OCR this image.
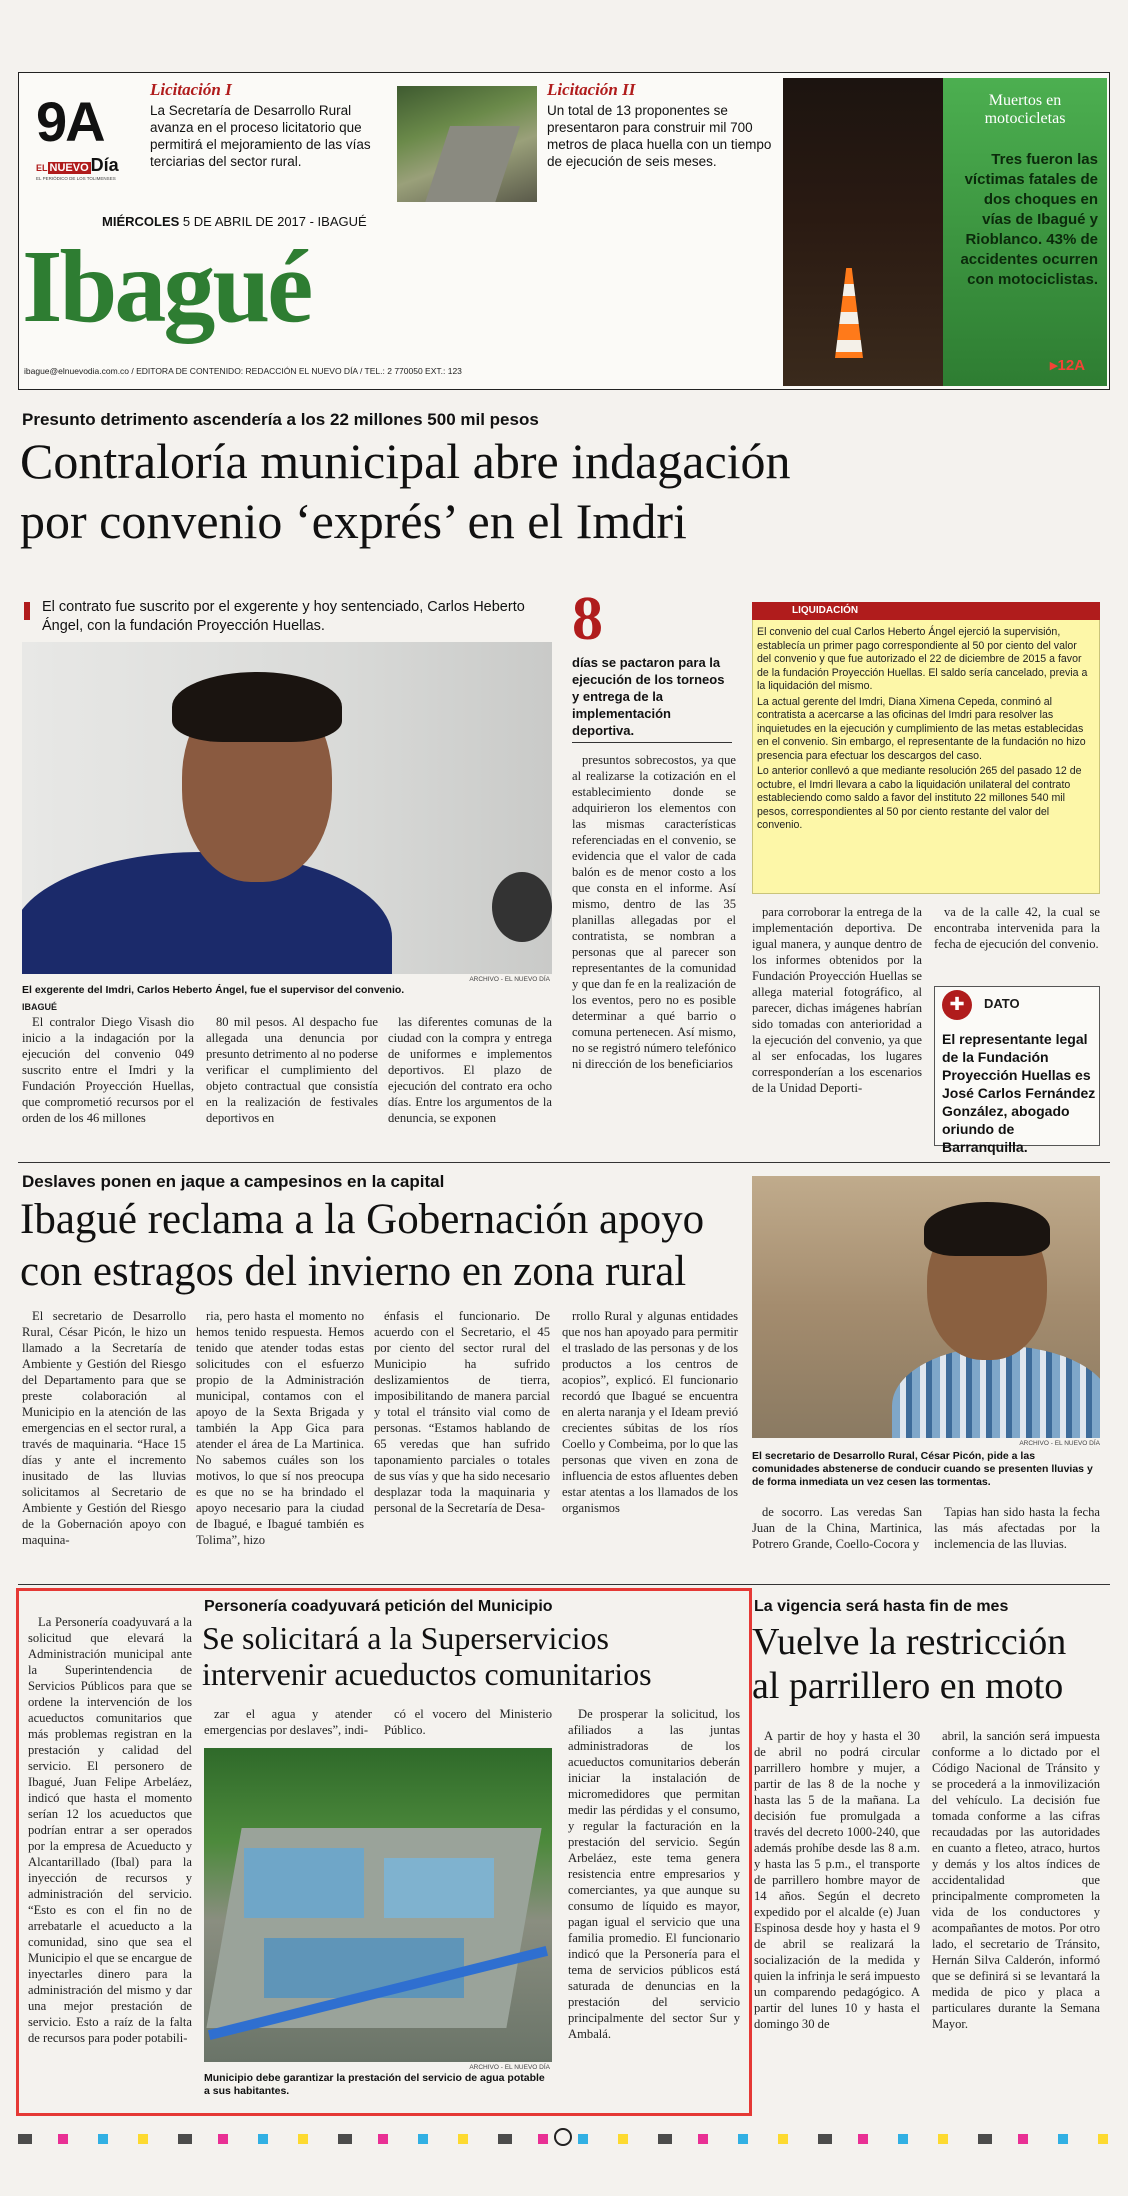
9A
EL NUEVO Día
EL PERIÓDICO DE LOS TOLIMENSES
Licitación I
La Secretaría de Desarrollo Rural avanza en el proceso licitatorio que permitirá el mejoramiento de las vías terciarias del sector rural.
Licitación II
Un total de 13 proponentes se presentaron para construir mil 700 metros de placa huella con un tiempo de ejecución de seis meses.
Muertos en motocicletas
Tres fueron las víctimas fatales de dos choques en vías de Ibagué y Rioblanco. 43% de accidentes ocurren con motociclistas.
▸12A
MIÉRCOLES 5 DE ABRIL DE 2017 - IBAGUÉ
Ibagué
ibague@elnuevodia.com.co / EDITORA DE CONTENIDO: REDACCIÓN EL NUEVO DÍA / TEL.: 2 770050 EXT.: 123
Presunto detrimento ascendería a los 22 millones 500 mil pesos
Contraloría municipal abre indagación
por convenio ‘exprés’ en el Imdri
El contrato fue suscrito por el exgerente y hoy sentenciado, Carlos Heberto Ángel, con la fundación Proyección Huellas.
ARCHIVO - EL NUEVO DÍA
El exgerente del Imdri, Carlos Heberto Ángel, fue el supervisor del convenio.
IBAGUÉ

El contralor Diego Visash dio inicio a la indagación por la ejecución del convenio 049 suscrito entre el Imdri y la Fundación Proyección Huellas, que comprometió recursos por el orden de los 46 millones

80 mil pesos. Al despacho fue allegada una denuncia por presunto detrimento al no poderse verificar el cumplimiento del objeto contractual que consistía en la realización de festivales deportivos en

las diferentes comunas de la ciudad con la compra y entrega de uniformes e implementos deportivos. El plazo de ejecución del contrato era ocho días. Entre los argumentos de la denuncia, se exponen

8
días se pactaron para la ejecución de los torneos y entrega de la implementación deportiva.

presuntos sobrecostos, ya que al realizarse la cotización en el establecimiento donde se adquirieron los elementos con las mismas características referenciadas en el convenio, se evidencia que el valor de cada balón es de menor costo a los que consta en el informe. Así mismo, dentro de las 35 planillas allegadas por el contratista, se nombran a personas que al parecer son representantes de la comunidad y que dan fe en la realización de los eventos, pero no es posible determinar a qué barrio o comuna pertenecen. Así mismo, no se registró número telefónico ni dirección de los beneficiarios

LIQUIDACIÓN

El convenio del cual Carlos Heberto Ángel ejerció la supervisión, establecía un primer pago correspondiente al 50 por ciento del valor del convenio y que fue autorizado el 22 de diciembre de 2015 a favor de la fundación Proyección Huellas. El saldo sería cancelado, previa a la liquidación del mismo.

La actual gerente del Imdri, Diana Ximena Cepeda, conminó al contratista a acercarse a las oficinas del Imdri para resolver las inquietudes en la ejecución y cumplimiento de las metas establecidas en el convenio. Sin embargo, el representante de la fundación no hizo presencia para efectuar los descargos del caso.

Lo anterior conllevó a que mediante resolución 265 del pasado 12 de octubre, el Imdri llevara a cabo la liquidación unilateral del contrato estableciendo como saldo a favor del instituto 22 millones 540 mil pesos, correspondientes al 50 por ciento restante del valor del convenio.

para corroborar la entrega de la implementación deportiva. De igual manera, y aunque dentro de los informes obtenidos por la Fundación Proyección Huellas se allega material fotográfico, al parecer, dichas imágenes habrían sido tomadas con anterioridad a la ejecución del convenio, ya que al ser enfocadas, los lugares corresponderían a los escenarios de la Unidad Deporti-

va de la calle 42, la cual se encontraba intervenida para la fecha de ejecución del convenio.

✚	DATO
El representante legal de la Fundación Proyección Huellas es José Carlos Fernández González, abogado oriundo de Barranquilla.
Deslaves ponen en jaque a campesinos en la capital
Ibagué reclama a la Gobernación apoyo
con estragos del invierno en zona rural

El secretario de Desarrollo Rural, César Picón, le hizo un llamado a la Secretaría de Ambiente y Gestión del Riesgo del Departamento para que se preste colaboración al Municipio en la atención de las emergencias en el sector rural, a través de maquinaria. “Hace 15 días y ante el incremento inusitado de las lluvias solicitamos al Secretario de Ambiente y Gestión del Riesgo de la Gobernación apoyo con maquina-

ria, pero hasta el momento no hemos tenido respuesta. Hemos tenido que atender todas estas solicitudes con el esfuerzo propio de la Administración municipal, contamos con el apoyo de la Sexta Brigada y también la App Gica para atender el área de La Martinica. No sabemos cuáles son los motivos, lo que sí nos preocupa es que no se ha brindado el apoyo necesario para la ciudad de Ibagué, e Ibagué también es Tolima”, hizo

énfasis el funcionario. De acuerdo con el Secretario, el 45 por ciento del sector rural del Municipio ha sufrido deslizamientos de tierra, imposibilitando de manera parcial y total el tránsito vial como de personas. “Estamos hablando de 65 veredas que han sufrido taponamiento parciales o totales de sus vías y que ha sido necesario desplazar toda la maquinaria y personal de la Secretaría de Desa-

rrollo Rural y algunas entidades que nos han apoyado para permitir el traslado de las personas y de los productos a los centros de acopios”, explicó. El funcionario recordó que Ibagué se encuentra en alerta naranja y el Ideam previó crecientes súbitas de los ríos Coello y Combeima, por lo que las personas que viven en zona de influencia de estos afluentes deben estar atentas a los llamados de los organismos

ARCHIVO - EL NUEVO DÍA
El secretario de Desarrollo Rural, César Picón, pide a las comunidades abstenerse de conducir cuando se presenten lluvias y de forma inmediata un vez cesen las tormentas.

de socorro. Las veredas San Juan de la China, Martinica, Potrero Grande, Coello-Cocora y

Tapias han sido hasta la fecha las más afectadas por la inclemencia de las lluvias.

La Personería coadyuvará a la solicitud que elevará la Administración municipal ante la Superintendencia de Servicios Públicos para que se ordene la intervención de los acueductos comunitarios que más problemas registran en la prestación y calidad del servicio. El personero de Ibagué, Juan Felipe Arbeláez, indicó que hasta el momento serían 12 los acueductos que podrían entrar a ser operados por la empresa de Acueducto y Alcantarillado (Ibal) para la inyección de recursos y administración del servicio. “Esto es con el fin no de arrebatarle el acueducto a la comunidad, sino que sea el Municipio el que se encargue de inyectarles dinero para la administración del mismo y dar una mejor prestación de servicio. Esto a raíz de la falta de recursos para poder potabili-

Personería coadyuvará petición del Municipio
Se solicitará a la Superservicios
intervenir acueductos comunitarios

zar el agua y atender emergencias por deslaves”, indi-

có el vocero del Ministerio Público.

ARCHIVO - EL NUEVO DÍA
Municipio debe garantizar la prestación del servicio de agua potable a sus habitantes.

De prosperar la solicitud, los afiliados a las juntas administradoras de los acueductos comunitarios deberán iniciar la instalación de micromedidores que permitan medir las pérdidas y el consumo, y regular la facturación en la prestación del servicio. Según Arbeláez, este tema genera resistencia entre empresarios y comerciantes, ya que aunque su consumo de líquido es mayor, pagan igual el servicio que una familia promedio. El funcionario indicó que la Personería para el tema de servicios públicos está saturada de denuncias en la prestación del servicio principalmente del sector Sur y Ambalá.

La vigencia será hasta fin de mes
Vuelve la restricción
al parrillero en moto

A partir de hoy y hasta el 30 de abril no podrá circular parrillero hombre y mujer, a partir de las 8 de la noche y hasta las 5 de la mañana. La decisión fue promulgada a través del decreto 1000-240, que además prohíbe desde las 8 a.m. y hasta las 5 p.m., el transporte de parrillero hombre mayor de 14 años. Según el decreto expedido por el alcalde (e) Juan Espinosa desde hoy y hasta el 9 de abril se realizará la socialización de la medida y quien la infrinja le será impuesto un comparendo pedagógico. A partir del lunes 10 y hasta el domingo 30 de

abril, la sanción será impuesta conforme a lo dictado por el Código Nacional de Tránsito y se procederá a la inmovilización del vehículo. La decisión fue tomada conforme a las cifras recaudadas por las autoridades en cuanto a fleteo, atraco, hurtos y demás y los altos índices de accidentalidad que principalmente comprometen la vida de los conductores y acompañantes de motos. Por otro lado, el secretario de Tránsito, Hernán Silva Calderón, informó que se definirá si se levantará la medida de pico y placa a particulares durante la Semana Mayor.
